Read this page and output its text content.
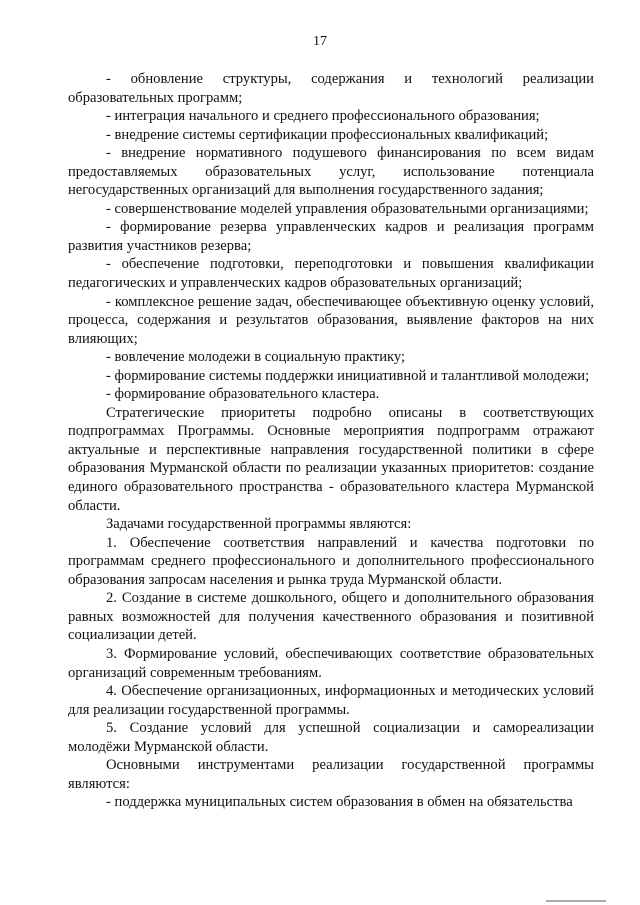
17

- обновление структуры, содержания и технологий реализации образовательных программ;

- интеграция начального и среднего профессионального образования;

- внедрение системы сертификации профессиональных квалификаций;

- внедрение нормативного подушевого финансирования по всем видам предоставляемых образовательных услуг, использование потенциала негосударственных организаций для выполнения государственного задания;

- совершенствование моделей управления образовательными организациями;

- формирование резерва управленческих кадров и реализация программ развития участников резерва;

- обеспечение подготовки, переподготовки и повышения квалификации педагогических и управленческих кадров образовательных организаций;

- комплексное решение задач, обеспечивающее объективную оценку условий, процесса, содержания и результатов образования, выявление факторов на них влияющих;

- вовлечение молодежи в социальную практику;

- формирование системы поддержки инициативной и талантливой молодежи;

- формирование образовательного кластера.

Стратегические приоритеты подробно описаны в соответствующих подпрограммах Программы. Основные мероприятия подпрограмм отражают актуальные и перспективные направления государственной политики в сфере образования Мурманской области по реализации указанных приоритетов: создание единого образовательного пространства - образовательного кластера Мурманской области.

Задачами государственной программы являются:

1. Обеспечение соответствия направлений и качества подготовки по программам среднего профессионального и дополнительного профессионального образования запросам населения и рынка труда Мурманской области.

2. Создание в системе дошкольного, общего и дополнительного образования равных возможностей для получения качественного образования и позитивной социализации детей.

3. Формирование условий, обеспечивающих соответствие образовательных организаций современным требованиям.

4. Обеспечение организационных, информационных и методических условий для реализации государственной программы.

5. Создание условий для успешной социализации и самореализации молодёжи Мурманской области.

Основными инструментами реализации государственной программы являются:

- поддержка муниципальных систем образования в обмен на обязательства
